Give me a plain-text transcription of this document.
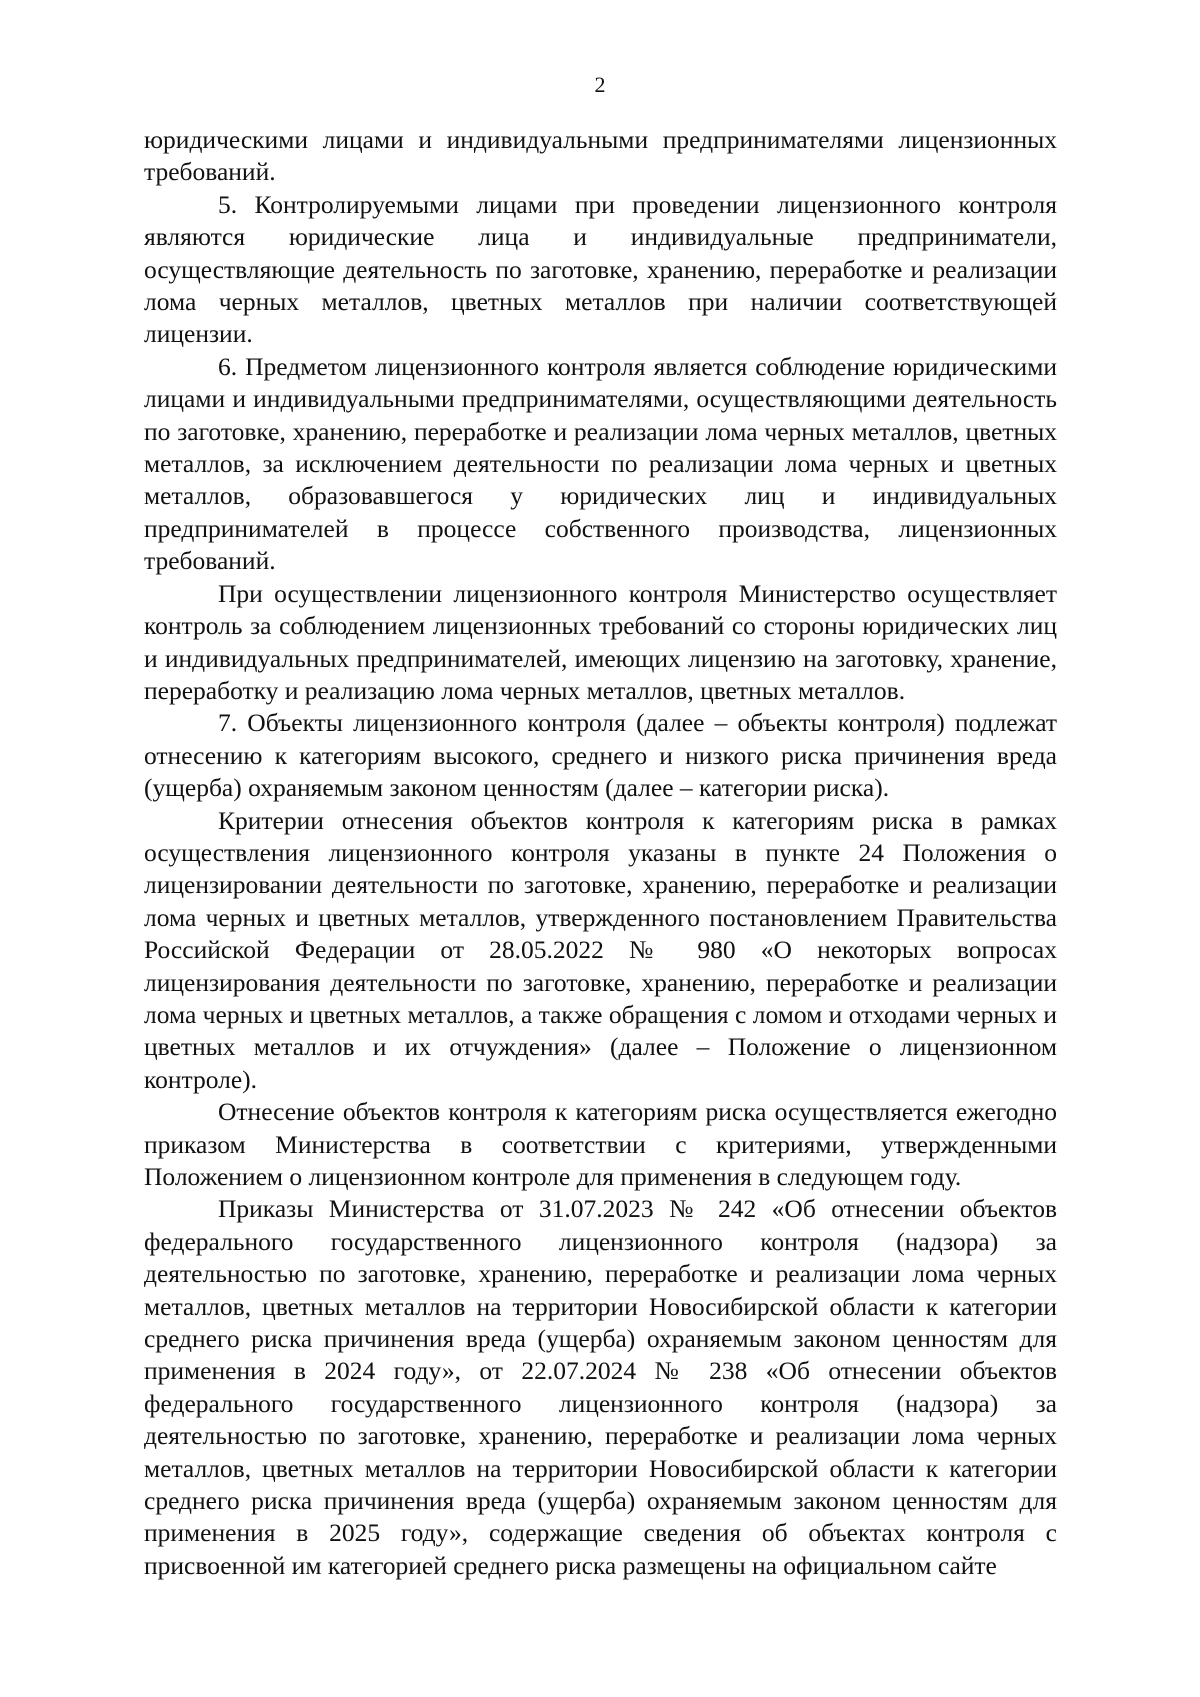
2

юридическими лицами и индивидуальными предпринимателями лицензионных требований.

5. Контролируемыми лицами при проведении лицензионного контроля являются юридические лица и индивидуальные предприниматели, осуществляющие деятельность по заготовке, хранению, переработке и реализации лома черных металлов, цветных металлов при наличии соответствующей лицензии.

6. Предметом лицензионного контроля является соблюдение юридическими лицами и индивидуальными предпринимателями, осуществляющими деятельность по заготовке, хранению, переработке и реализации лома черных металлов, цветных металлов, за исключением деятельности по реализации лома черных и цветных металлов, образовавшегося у юридических лиц и индивидуальных предпринимателей в процессе собственного производства, лицензионных требований.

При осуществлении лицензионного контроля Министерство осуществляет контроль за соблюдением лицензионных требований со стороны юридических лиц и индивидуальных предпринимателей, имеющих лицензию на заготовку, хранение, переработку и реализацию лома черных металлов, цветных металлов.

7. Объекты лицензионного контроля (далее – объекты контроля) подлежат отнесению к категориям высокого, среднего и низкого риска причинения вреда (ущерба) охраняемым законом ценностям (далее – категории риска).

Критерии отнесения объектов контроля к категориям риска в рамках осуществления лицензионного контроля указаны в пункте 24 Положения о лицензировании деятельности по заготовке, хранению, переработке и реализации лома черных и цветных металлов, утвержденного постановлением Правительства Российской Федерации от 28.05.2022 № 980 «О некоторых вопросах лицензирования деятельности по заготовке, хранению, переработке и реализации лома черных и цветных металлов, а также обращения с ломом и отходами черных и цветных металлов и их отчуждения» (далее – Положение о лицензионном контроле).

Отнесение объектов контроля к категориям риска осуществляется ежегодно приказом Министерства в соответствии с критериями, утвержденными Положением о лицензионном контроле для применения в следующем году.

Приказы Министерства от 31.07.2023 № 242 «Об отнесении объектов федерального государственного лицензионного контроля (надзора) за деятельностью по заготовке, хранению, переработке и реализации лома черных металлов, цветных металлов на территории Новосибирской области к категории среднего риска причинения вреда (ущерба) охраняемым законом ценностям для применения в 2024 году», от 22.07.2024 № 238 «Об отнесении объектов федерального государственного лицензионного контроля (надзора) за деятельностью по заготовке, хранению, переработке и реализации лома черных металлов, цветных металлов на территории Новосибирской области к категории среднего риска причинения вреда (ущерба) охраняемым законом ценностям для применения в 2025 году», содержащие сведения об объектах контроля с присвоенной им категорией среднего риска размещены на официальном сайте
